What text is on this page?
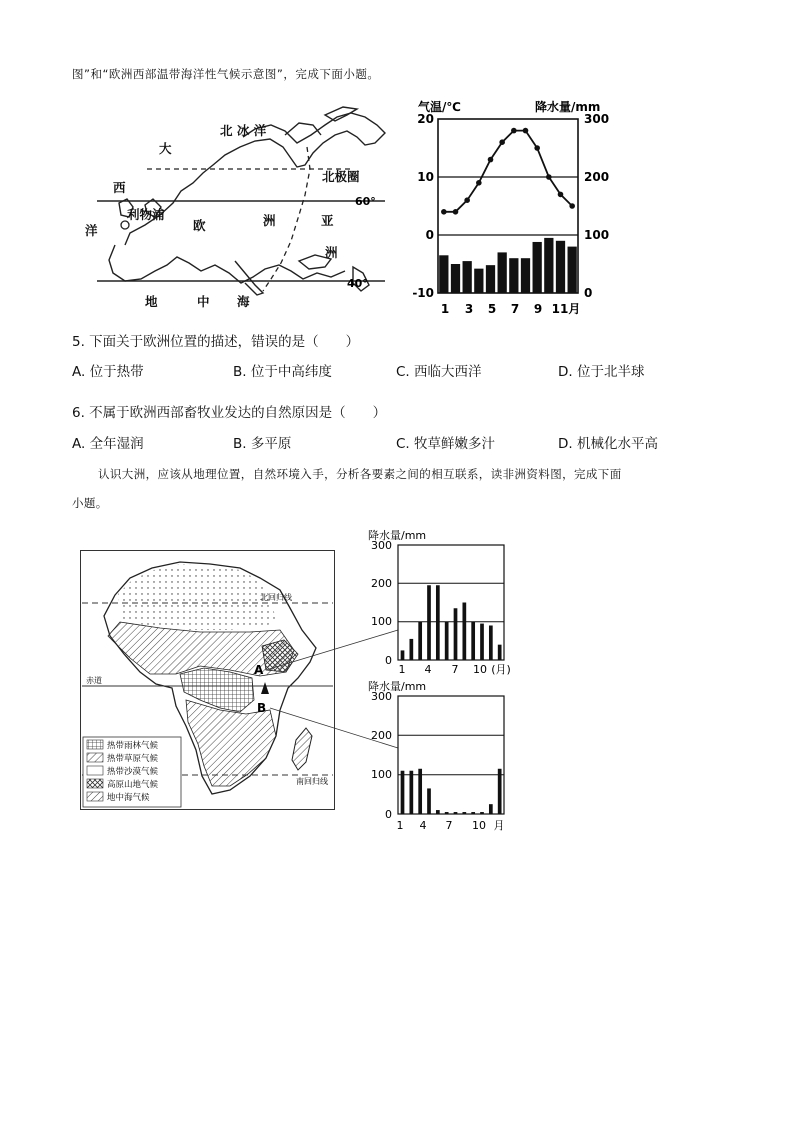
图”和“欧洲西部温带海洋性气候示意图”，完成下面小题。
大
北 冰 洋
北极圈
西
利物浦
欧	洲	亚
洲
洋
地	中 海
60°
40°
气温/℃	降水量/mm
20
10
0
-10
300
200
100
0
1 3 5 7 9 11月
5. 下面关于欧洲位置的描述，错误的是（　　）
A. 位于热带	B. 位于中高纬度	C. 西临大西洋	D. 位于北半球
6. 不属于欧洲西部畜牧业发达的自然原因是（　　）
A. 全年湿润	B. 多平原	C. 牧草鲜嫩多汁	D. 机械化水平高
认识大洲，应该从地理位置，自然环境入手，分析各要素之间的相互联系，读非洲资料图，完成下面
小题。
北回归线
赤道
南回归线
A
B
热带雨林气候
热带草原气候
热带沙漠气候
高原山地气候
地中海气候
降水量/mm
300
200
100
0
1 4 7 10 (月)
降水量/mm
300
200
100
0
1 4 7 10 月
